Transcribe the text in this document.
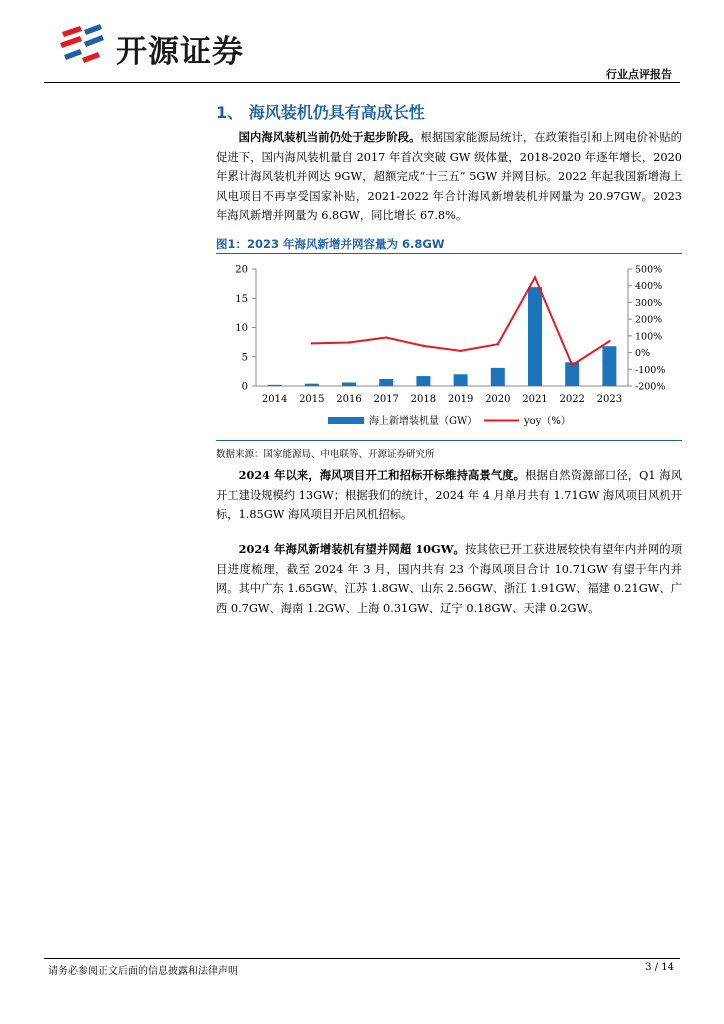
开源证券
行业点评报告
1、 海风装机仍具有高成长性
国内海风装机当前仍处于起步阶段。根据国家能源局统计，在政策指引和上网电价补贴的促进下，国内海风装机量自 2017 年首次突破 GW 级体量，2018-2020 年逐年增长，2020 年累计海风装机并网达 9GW，超额完成“十三五” 5GW 并网目标。2022 年起我国新增海上风电项目不再享受国家补贴，2021-2022 年合计海风新增装机并网量为 20.97GW。2023 年海风新增并网量为 6.8GW，同比增长 67.8%。
图1：2023 年海风新增并网容量为 6.8GW
0
5
10
15
20
-200%
-100%
0%
100%
200%
300%
400%
500%
2014 2015 2016 2017 2018 2019 2020 2021 2022 2023
海上新增装机量（GW）	yoy（%）
数据来源：国家能源局、中电联等、开源证券研究所
2024 年以来，海风项目开工和招标开标维持高景气度。根据自然资源部口径，Q1 海风开工建设规模约 13GW；根据我们的统计，2024 年 4 月单月共有 1.71GW 海风项目风机开标，1.85GW 海风项目开启风机招标。
2024 年海风新增装机有望并网超 10GW。按其依已开工获进展较快有望年内并网的项目进度梳理，截至 2024 年 3 月，国内共有 23 个海风项目合计 10.71GW 有望于年内并网。其中广东 1.65GW、江苏 1.8GW、山东 2.56GW、浙江 1.91GW、福建 0.21GW、广西 0.7GW、海南 1.2GW、上海 0.31GW、辽宁 0.18GW、天津 0.2GW。
请务必参阅正文后面的信息披露和法律声明	3 / 14
